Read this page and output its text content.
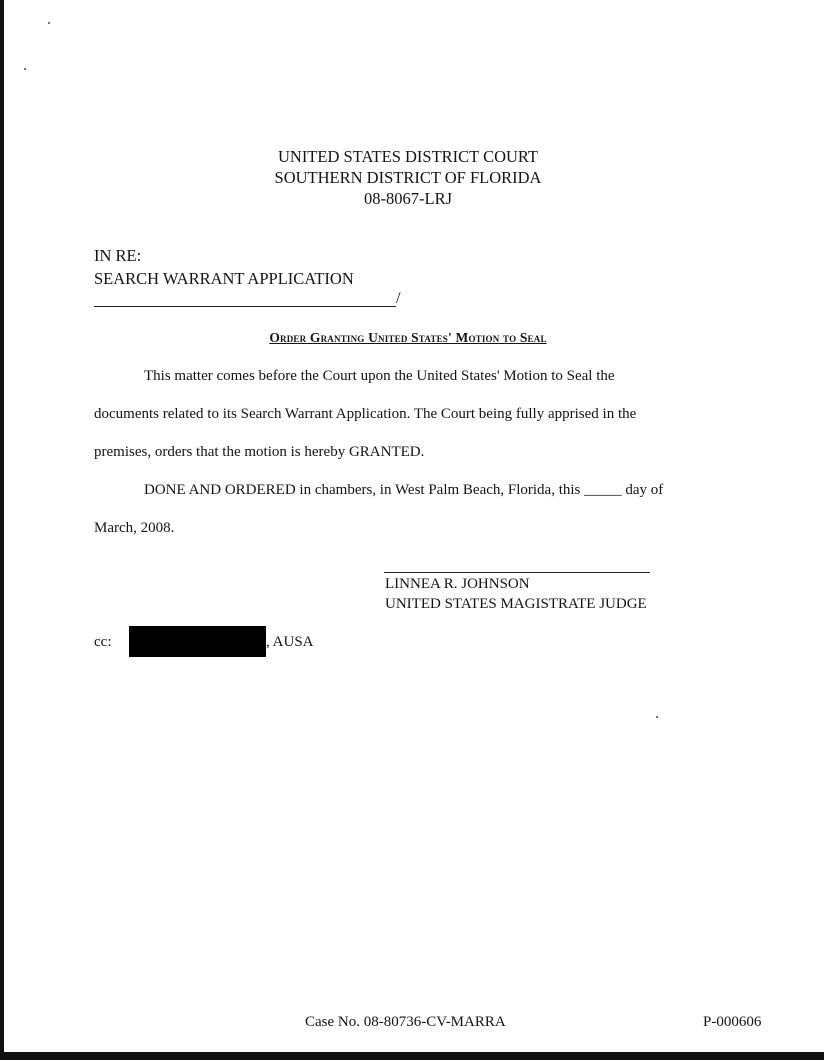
UNITED STATES DISTRICT COURT
SOUTHERN DISTRICT OF FLORIDA
08-8067-LRJ
IN RE:
SEARCH WARRANT APPLICATION
/
Order Granting United States' Motion to Seal
This matter comes before the Court upon the United States' Motion to Seal the
documents related to its Search Warrant Application. The Court being fully apprised in the
premises, orders that the motion is hereby GRANTED.
DONE AND ORDERED in chambers, in West Palm Beach, Florida, this _____ day of
March, 2008.
LINNEA R. JOHNSON
UNITED STATES MAGISTRATE JUDGE
cc:	, AUSA
Case No. 08-80736-CV-MARRA	P-000606
